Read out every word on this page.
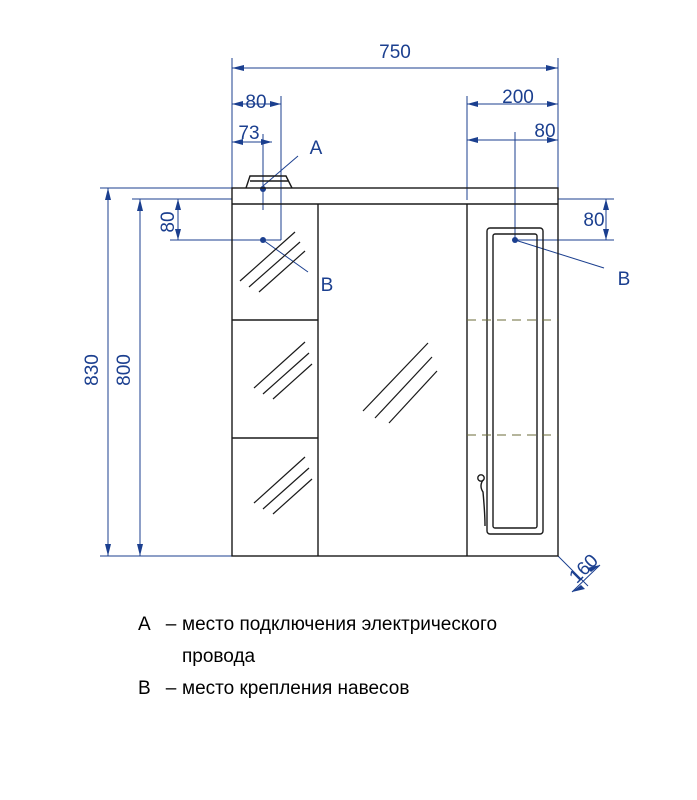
750
80
73
200
80
830 800
80	80
160
A
B	B
A – место подключения электрического
провода
B – место крепления навесов
